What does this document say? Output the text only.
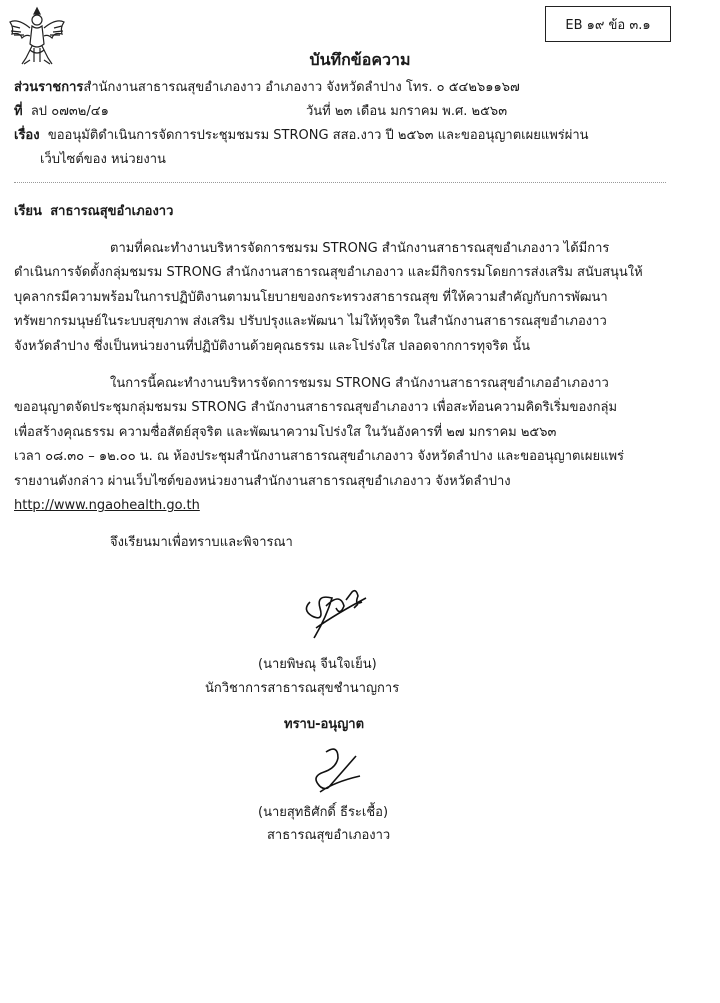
EB ๑๙ ข้อ ๓.๑
บันทึกข้อความ
ส่วนราชการสำนักงานสาธารณสุขอำเภองาว อำเภองาว จังหวัดลำปาง โทร. ๐ ๕๔๒๖๑๑๖๗
ที่ ลป ๐๗๓๒/๔๑	วันที่ ๒๓ เดือน มกราคม พ.ศ. ๒๕๖๓
เรื่อง ขออนุมัติดำเนินการจัดการประชุมชมรม STRONG สสอ.งาว ปี ๒๕๖๓ และขออนุญาตเผยแพร่ผ่าน
เว็บไซต์ของ หน่วยงาน
เรียน สาธารณสุขอำเภองาว
ตามที่คณะทำงานบริหารจัดการชมรม STRONG สำนักงานสาธารณสุขอำเภองาว ได้มีการ
ดำเนินการจัดตั้งกลุ่มชมรม STRONG สำนักงานสาธารณสุขอำเภองาว และมีกิจกรรมโดยการส่งเสริม สนับสนุนให้
บุคลากรมีความพร้อมในการปฏิบัติงานตามนโยบายของกระทรวงสาธารณสุข ที่ให้ความสำคัญกับการพัฒนา
ทรัพยากรมนุษย์ในระบบสุขภาพ ส่งเสริม ปรับปรุงและพัฒนา ไม่ให้ทุจริต ในสำนักงานสาธารณสุขอำเภองาว
จังหวัดลำปาง ซึ่งเป็นหน่วยงานที่ปฏิบัติงานด้วยคุณธรรม และโปร่งใส ปลอดจากการทุจริต นั้น
ในการนี้คณะทำงานบริหารจัดการชมรม STRONG สำนักงานสาธารณสุขอำเภออำเภองาว
ขออนุญาตจัดประชุมกลุ่มชมรม STRONG สำนักงานสาธารณสุขอำเภองาว เพื่อสะท้อนความคิดริเริ่มของกลุ่ม
เพื่อสร้างคุณธรรม ความซื่อสัตย์สุจริต และพัฒนาความโปร่งใส ในวันอังคารที่ ๒๗ มกราคม ๒๕๖๓
เวลา ๐๘.๓๐ – ๑๒.๐๐ น. ณ ห้องประชุมสำนักงานสาธารณสุขอำเภองาว จังหวัดลำปาง และขออนุญาตเผยแพร่
รายงานดังกล่าว ผ่านเว็บไซต์ของหน่วยงานสำนักงานสาธารณสุขอำเภองาว จังหวัดลำปาง
http://www.ngaohealth.go.th
จึงเรียนมาเพื่อทราบและพิจารณา
(นายพิษณุ จีนใจเย็น)
นักวิชาการสาธารณสุขชำนาญการ
ทราบ-อนุญาต
(นายสุทธิศักดิ์ ธีระเชื้อ)
สาธารณสุขอำเภองาว
